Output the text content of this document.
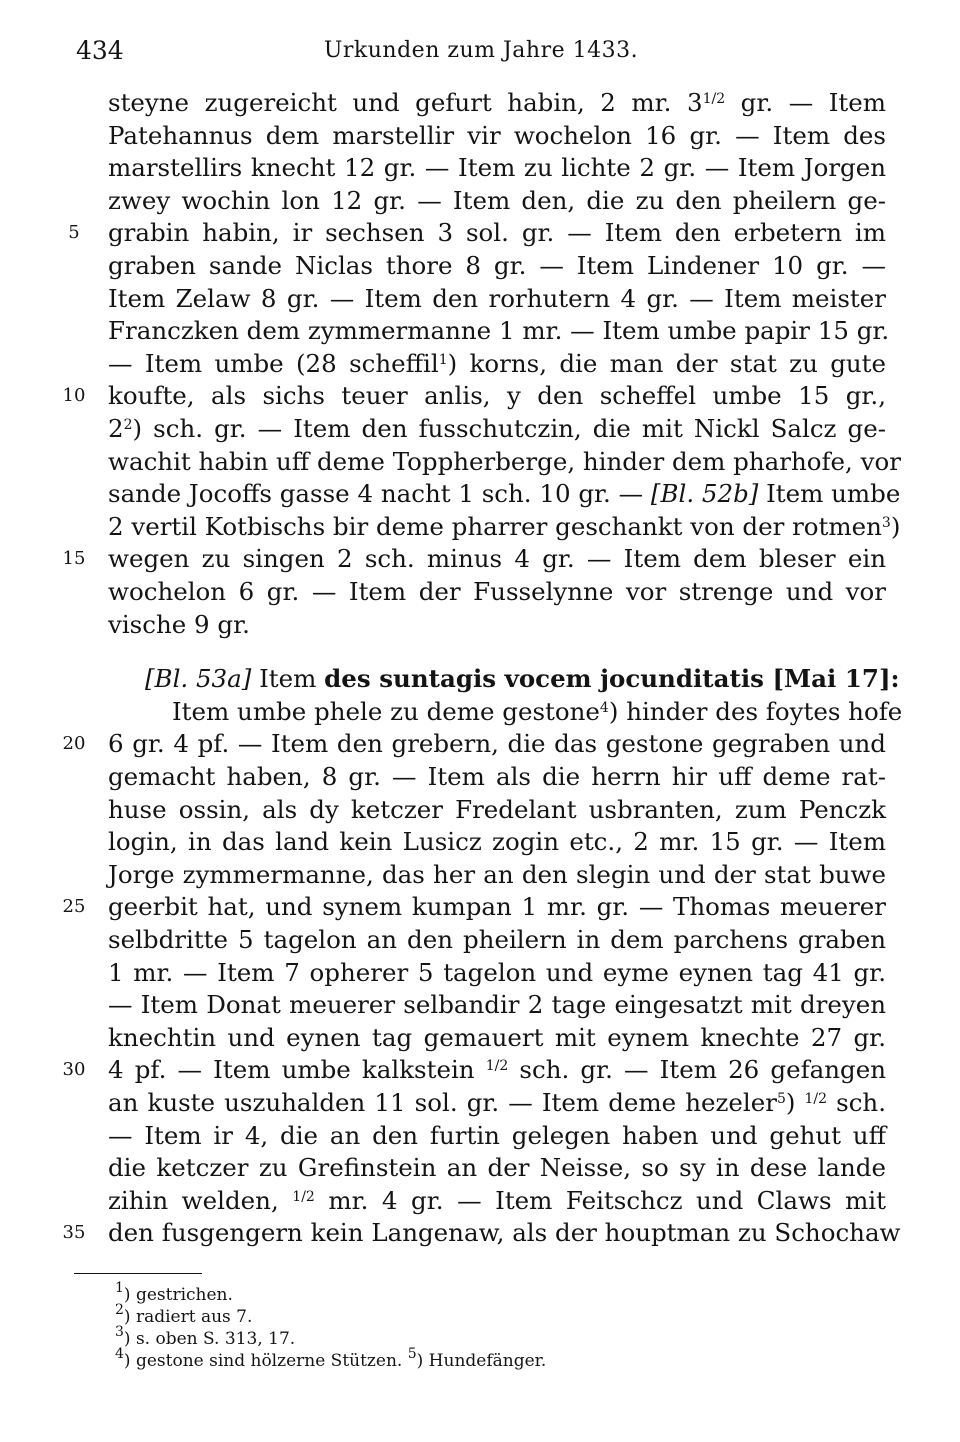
434	Urkunden zum Jahre 1433.
steyne zugereicht und gefurt habin, 2 mr. $3^{1/2}$ gr. — Item
Patehannus dem marstellir vir wochelon 16 gr. — Item des
marstellirs knecht 12 gr. — Item zu lichte 2 gr. — Item Jorgen
zwey wochin lon 12 gr. — Item den, die zu den pheilern ge-
grabin habin, ir sechsen 3 sol. gr. — Item den erbetern im
graben sande Niclas thore 8 gr. — Item Lindener 10 gr. —
Item Zelaw 8 gr. — Item den rorhutern 4 gr. — Item meister
Franczken dem zymmermanne 1 mr. — Item umbe papir 15 gr.
— Item umbe (28 scheffil$^1$) korns, die man der stat zu gute
koufte, als sichs teuer anlis, y den scheffel umbe 15 gr.,
$2^2$) sch. gr. — Item den fusschutczin, die mit Nickl Salcz ge-
wachit habin uff deme Toppherberge, hinder dem pharhofe, vor
sande Jocoffs gasse 4 nacht 1 sch. 10 gr. — [Bl. 52b] Item umbe
2 vertil Kotbischs bir deme pharrer geschankt von der rotmen$^3$)
wegen zu singen 2 sch. minus 4 gr. — Item dem bleser ein
wochelon 6 gr. — Item der Fusselynne vor strenge und vor
vische 9 gr.
[Bl. 53a] Item des suntagis vocem jocunditatis [Mai 17]:
Item umbe phele zu deme gestone$^4$) hinder des foytes hofe
6 gr. 4 pf. — Item den grebern, die das gestone gegraben und
gemacht haben, 8 gr. — Item als die herrn hir uff deme rat-
huse ossin, als dy ketczer Fredelant usbranten, zum Penczk
login, in das land kein Lusicz zogin etc., 2 mr. 15 gr. — Item
Jorge zymmermanne, das her an den slegin und der stat buwe
geerbit hat, und synem kumpan 1 mr. gr. — Thomas meuerer
selbdritte 5 tagelon an den pheilern in dem parchens graben
1 mr. — Item 7 opherer 5 tagelon und eyme eynen tag 41 gr.
— Item Donat meuerer selbandir 2 tage eingesatzt mit dreyen
knechtin und eynen tag gemauert mit eynem knechte 27 gr.
4 pf. — Item umbe kalkstein $^{1/2}$ sch. gr. — Item 26 gefangen
an kuste uszuhalden 11 sol. gr. — Item deme hezeler$^5$) $^{1/2}$ sch.
— Item ir 4, die an den furtin gelegen haben und gehut uff
die ketczer zu Grefinstein an der Neisse, so sy in dese lande
zihin welden, $^{1/2}$ mr. 4 gr. — Item Feitschcz und Claws mit
den fusgengern kein Langenaw, als der houptman zu Schochaw
5
10
15
20
25
30
35
$^1$) gestrichen.
$^2$) radiert aus 7.
$^3$) s. oben S. 313, 17.
$^4$) gestone sind hölzerne Stützen. $^5$) Hundefänger.
